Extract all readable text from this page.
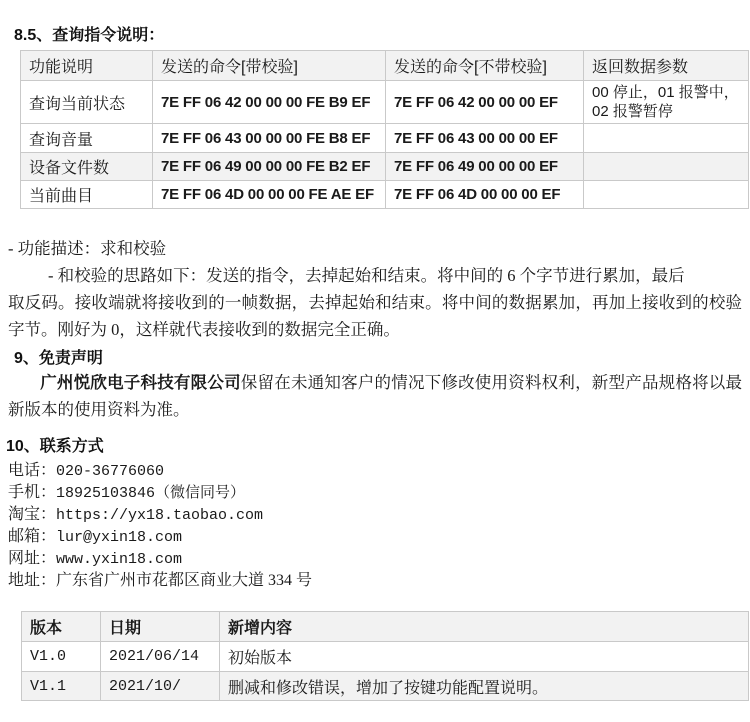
8.5、查询指令说明：
功能说明	发送的命令[带校验]	发送的命令[不带校验]	返回数据参数
查询当前状态	7E FF 06 42 00 00 00 FE B9 EF	7E FF 06 42 00 00 00 EF	00 停止，01 报警中，02 报警暂停
查询音量	7E FF 06 43 00 00 00 FE B8 EF	7E FF 06 43 00 00 00 EF	
设备文件数	7E FF 06 49 00 00 00 FE B2 EF	7E FF 06 49 00 00 00 EF	
当前曲目	7E FF 06 4D 00 00 00 FE AE EF	7E FF 06 4D 00 00 00 EF	
- 功能描述：求和校验
- 和校验的思路如下：发送的指令，去掉起始和结束。将中间的 6 个字节进行累加，最后
取反码。接收端就将接收到的一帧数据，去掉起始和结束。将中间的数据累加，再加上接收到的校验字节。刚好为 0，这样就代表接收到的数据完全正确。
9、免责声明
广州悦欣电子科技有限公司保留在未通知客户的情况下修改使用资料权利，新型产品规格将以最新版本的使用资料为准。
10、联系方式
电话：020-36776060
手机：18925103846（微信同号）
淘宝：https://yx18.taobao.com
邮箱：lur@yxin18.com
网址：www.yxin18.com
地址：广东省广州市花都区商业大道 334 号
版本	日期	新增内容
V1.0	2021/06/14	初始版本
V1.1	2021/10/	删减和修改错误，增加了按键功能配置说明。
